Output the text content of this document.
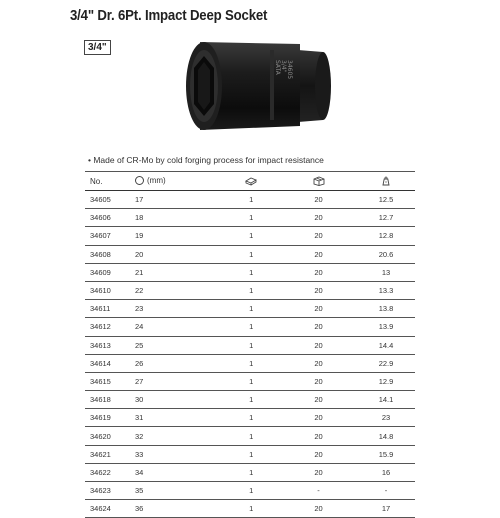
3/4" Dr. 6Pt. Impact Deep Socket
3/4"
SATA 3/4" 34605
• Made of CR-Mo by cold forging process for impact resistance
No.	(mm)

34605	17	1	20	12.5
34606	18	1	20	12.7
34607	19	1	20	12.8
34608	20	1	20	20.6
34609	21	1	20	13
34610	22	1	20	13.3
34611	23	1	20	13.8
34612	24	1	20	13.9
34613	25	1	20	14.4
34614	26	1	20	22.9
34615	27	1	20	12.9
34618	30	1	20	14.1
34619	31	1	20	23
34620	32	1	20	14.8
34621	33	1	20	15.9
34622	34	1	20	16
34623	35	1	-	-
34624	36	1	20	17
